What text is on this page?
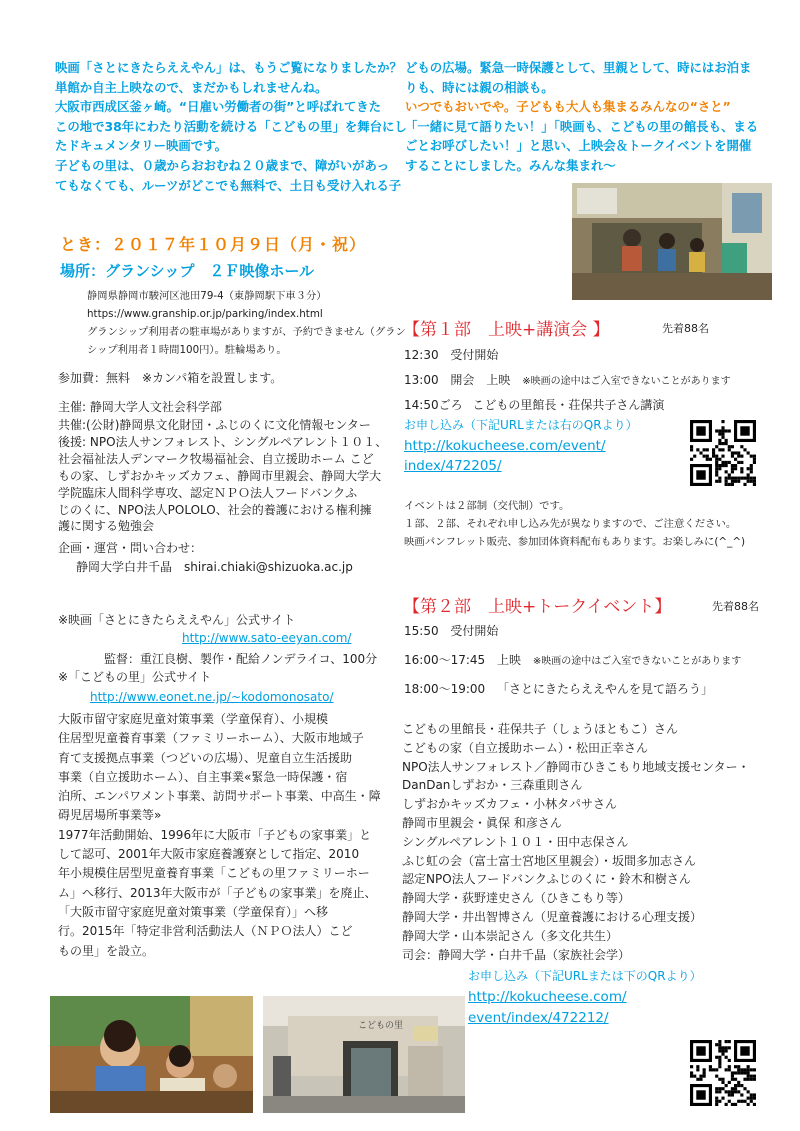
映画「さとにきたらええやん」は、もうご覧になりましたか？

単館か自主上映なので、まだかもしれませんね。

大阪市西成区釜ヶ崎。“日雇い労働者の街”と呼ばれてきた

この地で38年にわたり活動を続ける「こどもの里」を舞台にし

たドキュメンタリー映画です。

子どもの里は、０歳からおおむね２０歳まで、障がいがあっ

てもなくても、ルーツがどこでも無料で、土日も受け入れる子

どもの広場。緊急一時保護として、里親として、時にはお泊ま

りも、時には親の相談も。

いつでもおいでや。子どもも大人も集まるみんなの“さと”

「一緒に見て語りたい！」「映画も、こどもの里の館長も、まる

ごとお呼びしたい！」と思い、上映会＆トークイベントを開催

することにしました。みんな集まれ〜

とき：２０１７年１０月９日（月・祝）
場所：グランシップ　２Ｆ映像ホール
静岡県静岡市駿河区池田79-4（東静岡駅下車３分）
https://www.granship.or.jp/parking/index.html
グランシップ利用者の駐車場がありますが、予約できません（グラン
シップ利用者１時間100円）。駐輪場あり。
参加費：無料　※カンパ箱を設置します。
主催: 静岡大学人文社会科学部

共催:(公財)静岡県文化財団・ふじのくに文化情報センター

後援: NPO法人サンフォレスト、シングルペアレント１０１、

社会福祉法人デンマーク牧場福祉会、自立援助ホーム こど

もの家、しずおかキッズカフェ、静岡市里親会、静岡大学大

学院臨床人間科学専攻、認定ＮＰＯ法人フードバンクふ

じのくに、NPO法人POLOLO、社会的養護における権利擁

護に関する勉強会

企画・運営・問い合わせ：
静岡大学白井千晶　shirai.chiaki@shizuoka.ac.jp
※映画「さとにきたらええやん」公式サイト
http://www.sato-eeyan.com/
監督：重江良樹、製作・配給ノンデライコ、100分
※「こどもの里」公式サイト
http://www.eonet.ne.jp/~kodomonosato/

大阪市留守家庭児童対策事業（学童保育）、小規模

住居型児童養育事業（ファミリーホーム）、大阪市地域子

育て支援拠点事業（つどいの広場）、児童自立生活援助

事業（自立援助ホーム）、自主事業«緊急一時保護・宿

泊所、エンパワメント事業、訪問サポート事業、中高生・障

碍児居場所事業等»

1977年活動開始、1996年に大阪市「子どもの家事業」と

して認可、2001年大阪市家庭養護寮として指定、2010

年小規模住居型児童養育事業「こどもの里ファミリーホー

ム」へ移行、2013年大阪市が「子どもの家事業」を廃止、

「大阪市留守家庭児童対策事業（学童保育）」へ移

行。2015年「特定非営利活動法人（ＮＰＯ法人）こど

もの里」を設立。

こどもの里
【第１部　上映+講演会 】	先着88名
12:30 受付開始
13:00 開会　上映 ※映画の途中はご入室できないことがあります
14:50ごろ こどもの里館長・荘保共子さん講演
お申し込み（下記URLまたは右のQRより）
http://kokucheese.com/event/
index/472205/

イベントは２部制（交代制）です。

１部、２部、それぞれ申し込み先が異なりますので、ご注意ください。

映画パンフレット販売、参加団体資料配布もあります。お楽しみに(^_^)

【第２部　上映+トークイベント】	先着88名
15:50 受付開始
16:00〜17:45 上映 ※映画の途中はご入室できないことがあります
18:00〜19:00 「さとにきたらええやんを見て語ろう」

こどもの里館長・荘保共子（しょうほともこ）さん

こどもの家（自立援助ホーム）・松田正幸さん

NPO法人サンフォレスト／静岡市ひきこもり地域支援センター・

DanDanしずおか・三森重則さん

しずおかキッズカフェ・小林タパサさん

静岡市里親会・眞保 和彦さん

シングルペアレント１０１・田中志保さん

ふじ虹の会（富士富士宮地区里親会）・坂間多加志さん

認定NPO法人フードバンクふじのくに・鈴木和樹さん

静岡大学・荻野達史さん（ひきこもり等）

静岡大学・井出智博さん（児童養護における心理支援）

静岡大学・山本崇記さん（多文化共生）

司会：静岡大学・白井千晶（家族社会学）

お申し込み（下記URLまたは下のQRより）
http://kokucheese.com/
event/index/472212/
